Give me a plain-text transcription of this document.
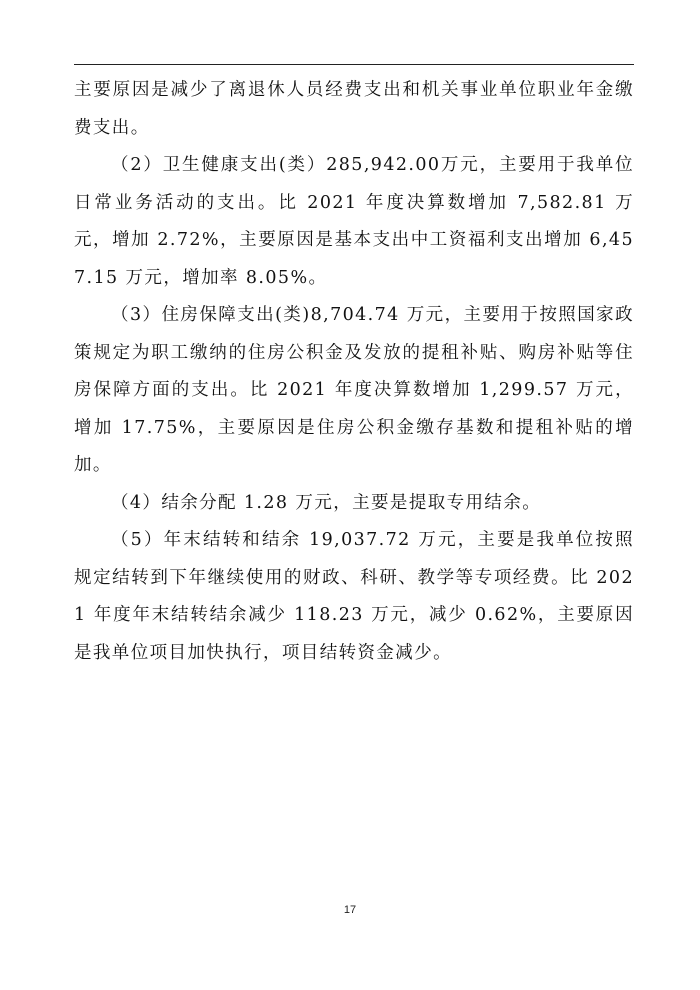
主要原因是减少了离退休人员经费支出和机关事业单位职业年金缴费支出。

（2）卫生健康支出(类）285,942.00万元，主要用于我单位日常业务活动的支出。比 2021 年度决算数增加 7,582.81 万元，增加 2.72%，主要原因是基本支出中工资福利支出增加 6,457.15 万元，增加率 8.05%。

（3）住房保障支出(类)8,704.74 万元，主要用于按照国家政策规定为职工缴纳的住房公积金及发放的提租补贴、购房补贴等住房保障方面的支出。比 2021 年度决算数增加 1,299.57 万元，增加 17.75%，主要原因是住房公积金缴存基数和提租补贴的增加。

（4）结余分配 1.28 万元，主要是提取专用结余。

（5）年末结转和结余 19,037.72 万元，主要是我单位按照规定结转到下年继续使用的财政、科研、教学等专项经费。比 2021 年度年末结转结余减少 118.23 万元，减少 0.62%，主要原因是我单位项目加快执行，项目结转资金减少。

17
